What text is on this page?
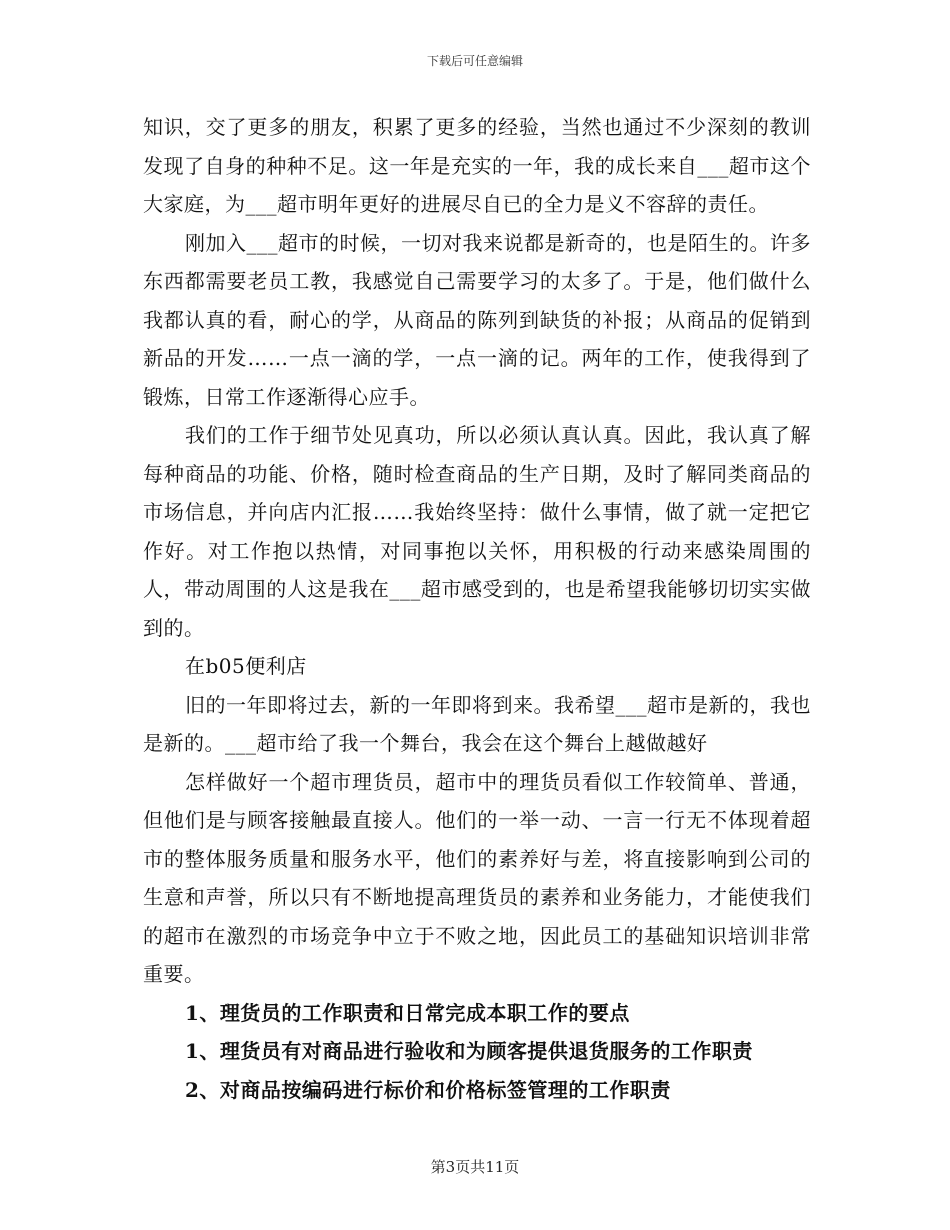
下载后可任意编辑

知识，交了更多的朋友，积累了更多的经验，当然也通过不少深刻的教训发现了自身的种种不足。这一年是充实的一年，我的成长来自___超市这个大家庭，为___超市明年更好的进展尽自已的全力是义不容辞的责任。

刚加入___超市的时候，一切对我来说都是新奇的，也是陌生的。许多东西都需要老员工教，我感觉自己需要学习的太多了。于是，他们做什么我都认真的看，耐心的学，从商品的陈列到缺货的补报；从商品的促销到新品的开发……一点一滴的学，一点一滴的记。两年的工作，使我得到了锻炼，日常工作逐渐得心应手。

我们的工作于细节处见真功，所以必须认真认真。因此，我认真了解每种商品的功能、价格，随时检查商品的生产日期，及时了解同类商品的市场信息，并向店内汇报……我始终坚持：做什么事情，做了就一定把它作好。对工作抱以热情，对同事抱以关怀，用积极的行动来感染周围的人，带动周围的人这是我在___超市感受到的，也是希望我能够切切实实做到的。

在b05便利店

旧的一年即将过去，新的一年即将到来。我希望___超市是新的，我也是新的。___超市给了我一个舞台，我会在这个舞台上越做越好

怎样做好一个超市理货员，超市中的理货员看似工作较简单、普通，但他们是与顾客接触最直接人。他们的一举一动、一言一行无不体现着超市的整体服务质量和服务水平，他们的素养好与差，将直接影响到公司的生意和声誉，所以只有不断地提高理货员的素养和业务能力，才能使我们的超市在激烈的市场竞争中立于不败之地，因此员工的基础知识培训非常重要。

1、理货员的工作职责和日常完成本职工作的要点

1、理货员有对商品进行验收和为顾客提供退货服务的工作职责

2、对商品按编码进行标价和价格标签管理的工作职责

第3页共11页
